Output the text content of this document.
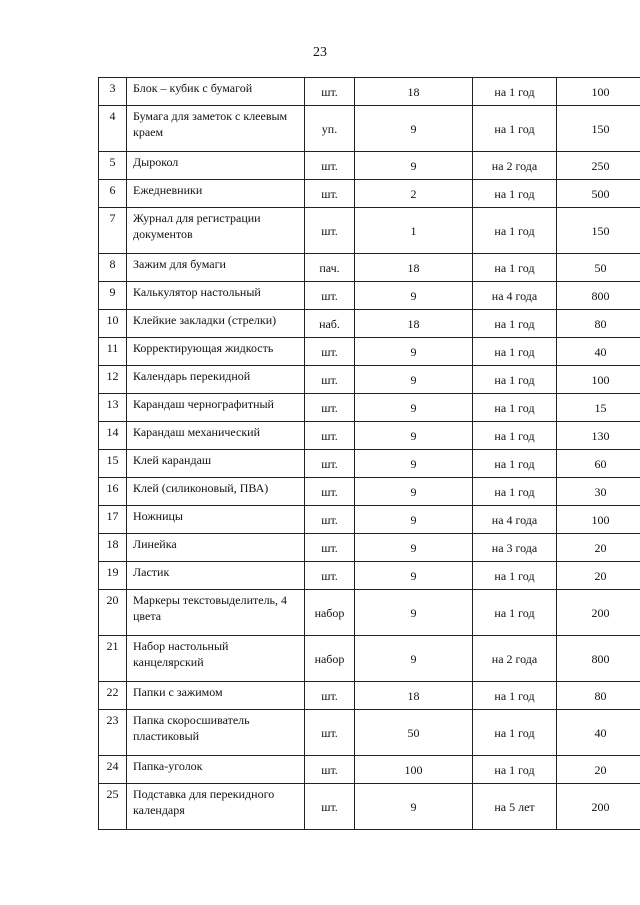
23
3	Блок – кубик с бумагой	шт.	18	на 1 год	100
4	Бумага для заметок с клеевым краем	уп.	9	на 1 год	150
5	Дырокол	шт.	9	на 2 года	250
6	Ежедневники	шт.	2	на 1 год	500
7	Журнал для регистрации документов	шт.	1	на 1 год	150
8	Зажим для бумаги	пач.	18	на 1 год	50
9	Калькулятор настольный	шт.	9	на 4 года	800
10	Клейкие закладки (стрелки)	наб.	18	на 1 год	80
11	Корректирующая жидкость	шт.	9	на 1 год	40
12	Календарь перекидной	шт.	9	на 1 год	100
13	Карандаш чернографитный	шт.	9	на 1 год	15
14	Карандаш механический	шт.	9	на 1 год	130
15	Клей карандаш	шт.	9	на 1 год	60
16	Клей (силиконовый, ПВА)	шт.	9	на 1 год	30
17	Ножницы	шт.	9	на 4 года	100
18	Линейка	шт.	9	на 3 года	20
19	Ластик	шт.	9	на 1 год	20
20	Маркеры текстовыделитель, 4 цвета	набор	9	на 1 год	200
21	Набор настольный канцелярский	набор	9	на 2 года	800
22	Папки с зажимом	шт.	18	на 1 год	80
23	Папка скоросшиватель пластиковый	шт.	50	на 1 год	40
24	Папка-уголок	шт.	100	на 1 год	20
25	Подставка для перекидного календаря	шт.	9	на 5 лет	200
